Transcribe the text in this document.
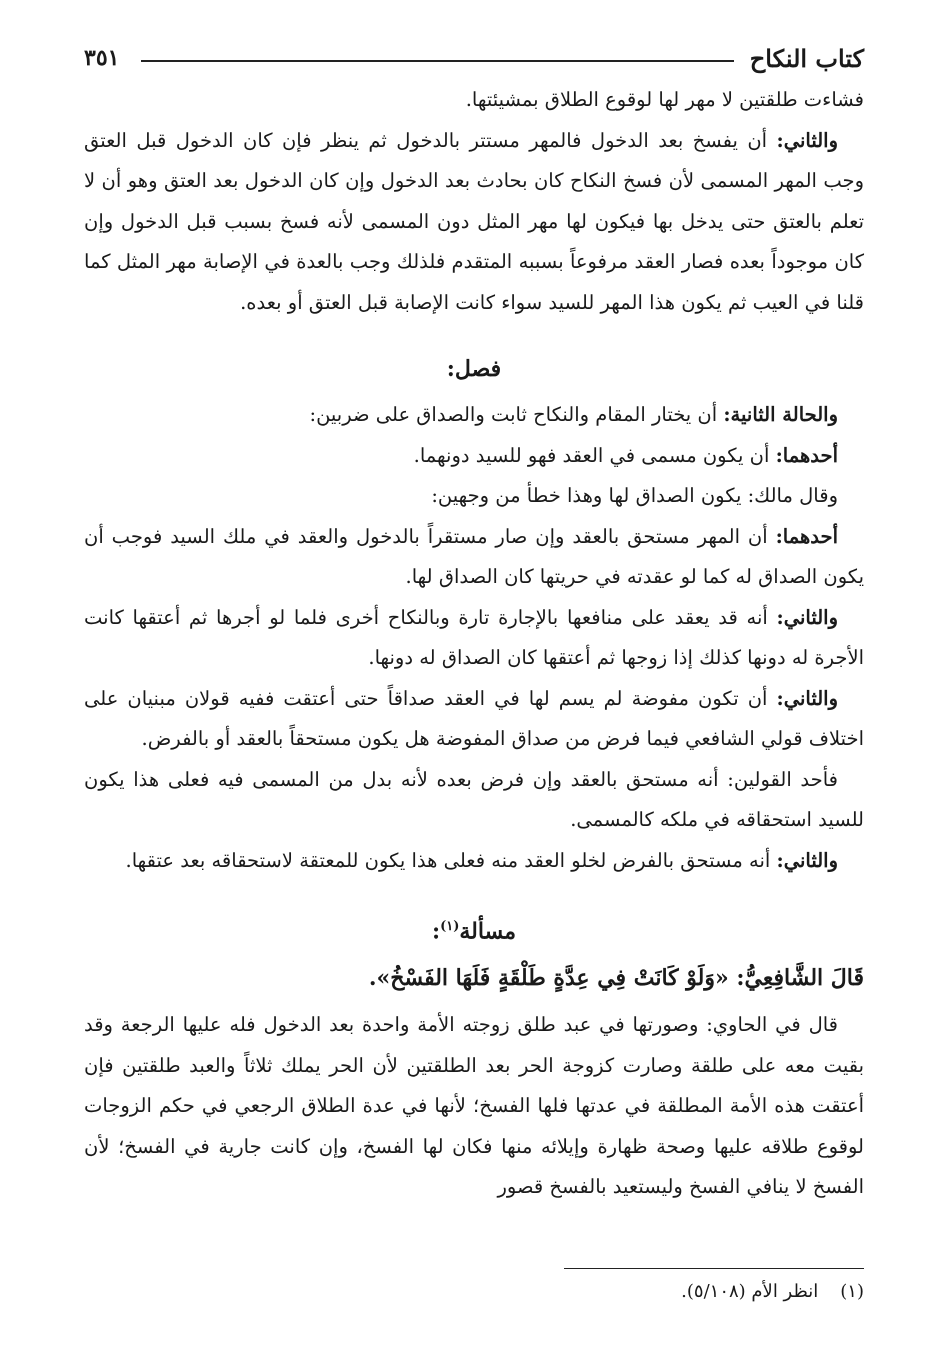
٣٥١	كتاب النكاح

فشاءت طلقتين لا مهر لها لوقوع الطلاق بمشيئتها.

والثاني: أن يفسخ بعد الدخول فالمهر مستتر بالدخول ثم ينظر فإن كان الدخول قبل العتق وجب المهر المسمى لأن فسخ النكاح كان بحادث بعد الدخول وإن كان الدخول بعد العتق وهو أن لا تعلم بالعتق حتى يدخل بها فيكون لها مهر المثل دون المسمى لأنه فسخ بسبب قبل الدخول وإن كان موجوداً بعده فصار العقد مرفوعاً بسببه المتقدم فلذلك وجب بالعدة في الإصابة مهر المثل كما قلنا في العيب ثم يكون هذا المهر للسيد سواء كانت الإصابة قبل العتق أو بعده.

فصل:

والحالة الثانية: أن يختار المقام والنكاح ثابت والصداق على ضربين:

أحدهما: أن يكون مسمى في العقد فهو للسيد دونهما.

وقال مالك: يكون الصداق لها وهذا خطأ من وجهين:

أحدهما: أن المهر مستحق بالعقد وإن صار مستقراً بالدخول والعقد في ملك السيد فوجب أن يكون الصداق له كما لو عقدته في حريتها كان الصداق لها.

والثاني: أنه قد يعقد على منافعها بالإجارة تارة وبالنكاح أخرى فلما لو أجرها ثم أعتقها كانت الأجرة له دونها كذلك إذا زوجها ثم أعتقها كان الصداق له دونها.

والثاني: أن تكون مفوضة لم يسم لها في العقد صداقاً حتى أعتقت ففيه قولان مبنيان على اختلاف قولي الشافعي فيما فرض من صداق المفوضة هل يكون مستحقاً بالعقد أو بالفرض.

فأحد القولين: أنه مستحق بالعقد وإن فرض بعده لأنه بدل من المسمى فيه فعلى هذا يكون للسيد استحقاقه في ملكه كالمسمى.

والثاني: أنه مستحق بالفرض لخلو العقد منه فعلى هذا يكون للمعتقة لاستحقاقه بعد عتقها.

مسألة$^{(١)}$:
قَالَ الشَّافِعِيُّ: «وَلَوْ كَانَتْ فِي عِدَّةٍ طَلْقَةٍ فَلَهَا الفَسْخُ».

قال في الحاوي: وصورتها في عبد طلق زوجته الأمة واحدة بعد الدخول فله عليها الرجعة وقد بقيت معه على طلقة وصارت كزوجة الحر بعد الطلقتين لأن الحر يملك ثلاثاً والعبد طلقتين فإن أعتقت هذه الأمة المطلقة في عدتها فلها الفسخ؛ لأنها في عدة الطلاق الرجعي في حكم الزوجات لوقوع طلاقه عليها وصحة ظهارة وإيلائه منها فكان لها الفسخ، وإن كانت جارية في الفسخ؛ لأن الفسخ لا ينافي الفسخ وليستعيد بالفسخ قصور

(١)
انظر الأم (٥/١٠٨).
